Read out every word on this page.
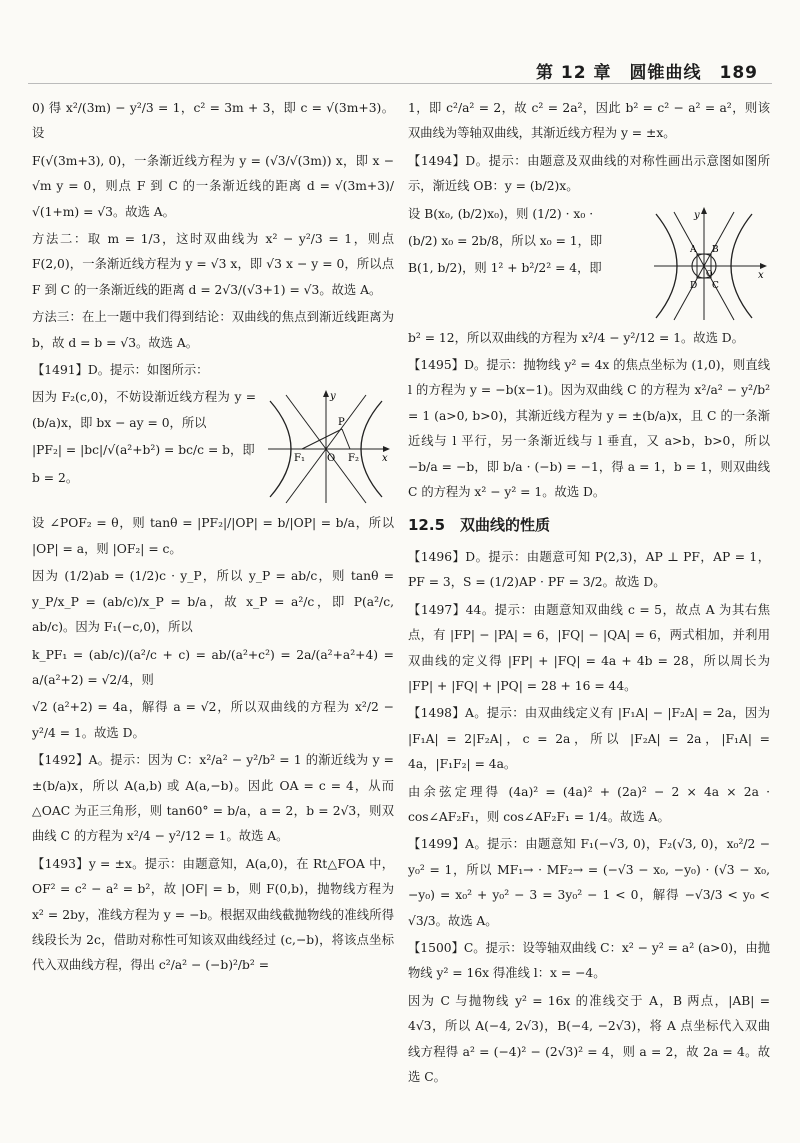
第 12 章　圆锥曲线　189

0) 得 x²/(3m) − y²/3 = 1，c² = 3m + 3，即 c = √(3m+3)。设

F(√(3m+3), 0)，一条渐近线方程为 y = (√3/√(3m)) x，即 x − √m y = 0，则点 F 到 C 的一条渐近线的距离 d = √(3m+3)/√(1+m) = √3。故选 A。

方法二：取 m = 1/3，这时双曲线为 x² − y²/3 = 1，则点 F(2,0)，一条渐近线方程为 y = √3 x，即 √3 x − y = 0，所以点 F 到 C 的一条渐近线的距离 d = 2√3/(√3+1) = √3。故选 A。

方法三：在上一题中我们得到结论：双曲线的焦点到渐近线距离为 b，故 d = b = √3。故选 A。

【1491】D。提示：如图所示：

y
x
P
F₁ O F₂

因为 F₂(c,0)，不妨设渐近线方程为 y = (b/a)x，即 bx − ay = 0，所以

|PF₂| = |bc|/√(a²+b²) = bc/c = b，即

b = 2。

设 ∠POF₂ = θ，则 tanθ = |PF₂|/|OP| = b/|OP| = b/a，所以 |OP| = a，则 |OF₂| = c。

因为 (1/2)ab = (1/2)c · y_P，所以 y_P = ab/c，则 tanθ = y_P/x_P = (ab/c)/x_P = b/a，故 x_P = a²/c，即 P(a²/c, ab/c)。因为 F₁(−c,0)，所以

k_PF₁ = (ab/c)/(a²/c + c) = ab/(a²+c²) = 2a/(a²+a²+4) = a/(a²+2) = √2/4，则

√2 (a²+2) = 4a，解得 a = √2，所以双曲线的方程为 x²/2 − y²/4 = 1。故选 D。

【1492】A。提示：因为 C：x²/a² − y²/b² = 1 的渐近线为 y = ±(b/a)x，所以 A(a,b) 或 A(a,−b)。因此 OA = c = 4，从而 △OAC 为正三角形，则 tan60° = b/a，a = 2，b = 2√3，则双曲线 C 的方程为 x²/4 − y²/12 = 1。故选 A。

【1493】y = ±x。提示：由题意知，A(a,0)，在 Rt△FOA 中，OF² = c² − a² = b²，故 |OF| = b，则 F(0,b)，抛物线方程为 x² = 2by，准线方程为 y = −b。根据双曲线截抛物线的准线所得线段长为 2c，借助对称性可知该双曲线经过 (c,−b)，将该点坐标代入双曲线方程，得出 c²/a² − (−b)²/b² =

1，即 c²/a² = 2，故 c² = 2a²，因此 b² = c² − a² = a²，则该双曲线为等轴双曲线，其渐近线方程为 y = ±x。

【1494】D。提示：由题意及双曲线的对称性画出示意图如图所示，渐近线 OB：y = (b/2)x。

y
x
A B
D C
O

设 B(x₀, (b/2)x₀)，则 (1/2) · x₀ ·

(b/2) x₀ = 2b/8，所以 x₀ = 1，即

B(1, b/2)，则 1² + b²/2² = 4，即

b² = 12，所以双曲线的方程为 x²/4 − y²/12 = 1。故选 D。

【1495】D。提示：抛物线 y² = 4x 的焦点坐标为 (1,0)，则直线 l 的方程为 y = −b(x−1)。因为双曲线 C 的方程为 x²/a² − y²/b² = 1 (a>0, b>0)，其渐近线方程为 y = ±(b/a)x，且 C 的一条渐近线与 l 平行，另一条渐近线与 l 垂直，又 a>b，b>0，所以 −b/a = −b，即 b/a · (−b) = −1，得 a = 1，b = 1，则双曲线 C 的方程为 x² − y² = 1。故选 D。

12.5　双曲线的性质

【1496】D。提示：由题意可知 P(2,3)，AP ⊥ PF，AP = 1，PF = 3，S = (1/2)AP · PF = 3/2。故选 D。

【1497】44。提示：由题意知双曲线 c = 5，故点 A 为其右焦点，有 |FP| − |PA| = 6，|FQ| − |QA| = 6，两式相加，并利用双曲线的定义得 |FP| + |FQ| = 4a + 4b = 28，所以周长为 |FP| + |FQ| + |PQ| = 28 + 16 = 44。

【1498】A。提示：由双曲线定义有 |F₁A| − |F₂A| = 2a，因为 |F₁A| = 2|F₂A|，c = 2a，所以 |F₂A| = 2a，|F₁A| = 4a，|F₁F₂| = 4a。

由余弦定理得 (4a)² = (4a)² + (2a)² − 2 × 4a × 2a · cos∠AF₂F₁，则 cos∠AF₂F₁ = 1/4。故选 A。

【1499】A。提示：由题意知 F₁(−√3, 0)，F₂(√3, 0)，x₀²/2 − y₀² = 1，所以 MF₁→ · MF₂→ = (−√3 − x₀, −y₀) · (√3 − x₀, −y₀) = x₀² + y₀² − 3 = 3y₀² − 1 < 0，解得 −√3/3 < y₀ < √3/3。故选 A。

【1500】C。提示：设等轴双曲线 C：x² − y² = a² (a>0)，由抛物线 y² = 16x 得准线 l：x = −4。

因为 C 与抛物线 y² = 16x 的准线交于 A，B 两点，|AB| = 4√3，所以 A(−4, 2√3)，B(−4, −2√3)，将 A 点坐标代入双曲线方程得 a² = (−4)² − (2√3)² = 4，则 a = 2，故 2a = 4。故选 C。
